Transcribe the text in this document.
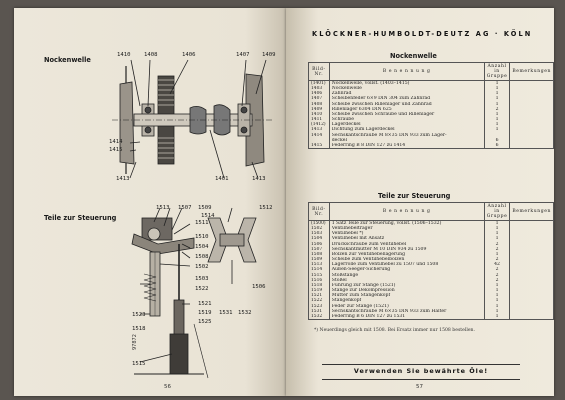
Nockenwelle
1410 1408	1406	1407 1409
1414
1415
1413	1401	1413
Teile zur Steuerung
1513 1507 1509
1514
1511
1504
1508
1502
1510
1503
1522
1523
1521
1519
1525
1531 1532
1518
1515
1512
1506
97872
56
KLÖCKNER-HUMBOLDT-DEUTZ AG · KÖLN
Nockenwelle
Bild-Nr.	B e n e n n u n g	Anzahl in Gruppe	Bemerkungen
(1401)	Nockenwelle, vollst. (1403–1415)	1	
1403	Nockenwelle	1	
1406	Zahnrad	1	
1407	Scheibenfeder 6×9 DIN 304 zum Zahnrad	1	
1408	Scheibe zwischen Rillenlager und Zahnrad	1	
1409	Rillenlager 6304 DIN 625	2	
1410	Scheibe zwischen Schraube und Rillenlager	1	
1411	Schraube	1	
(1412)	Lagerdeckel	1	
1413	Dichtung zum Lagerdeckel	1	
1414	Sechskantschraube M 8×35 DIN 933 zum Lager-		
	deckel	6	
1415	Federring B 8 DIN 127 zu 1414	6	
Teile zur Steuerung
Bild-Nr.	B e n e n n u n g	Anzahl in Gruppe	Bemerkungen
(1500)	1 Satz Teile zur Steuerung, vollst. (1506–1532)	1	
1502	Ventilhebelträger	1	
1503	Ventilhebel *)	1	
1504	Ventilhebel mit Ansatz	1	
1506	Druckschraube zum Ventilhebel	2	
1507	Sechskantmutter M 10 DIN 934 zu 1509	2	
1508	Bolzen zur Ventilhebellagerung	1	
1509	Scheibe zum Ventilhebelbolzen	2	
1513	Lagerrolle zum Ventilhebel zu 1507 und 1508	42	
1514	Außen-Seeger-Sicherung	2	
1515	Stoßstange	2	
1516	Stößel	2	
1518	Führung zur Stange (1521)	1	
1519	Stange zur Dekompression	1	
1521	Mutter zum Stangenkopf	1	
1522	Stangenkopf	1	
1523	Feder zur Stange (1521)	1	
1531	Sechskantschraube M 6×35 DIN 933 zum Halter	1	
1532	Federring B 6 DIN 127 zu 1531	1	
*) Neuerdings gleich mit 1508. Bei Ersatz immer nur 1508 bestellen.
Verwenden Sie bewährte Öle!
57
